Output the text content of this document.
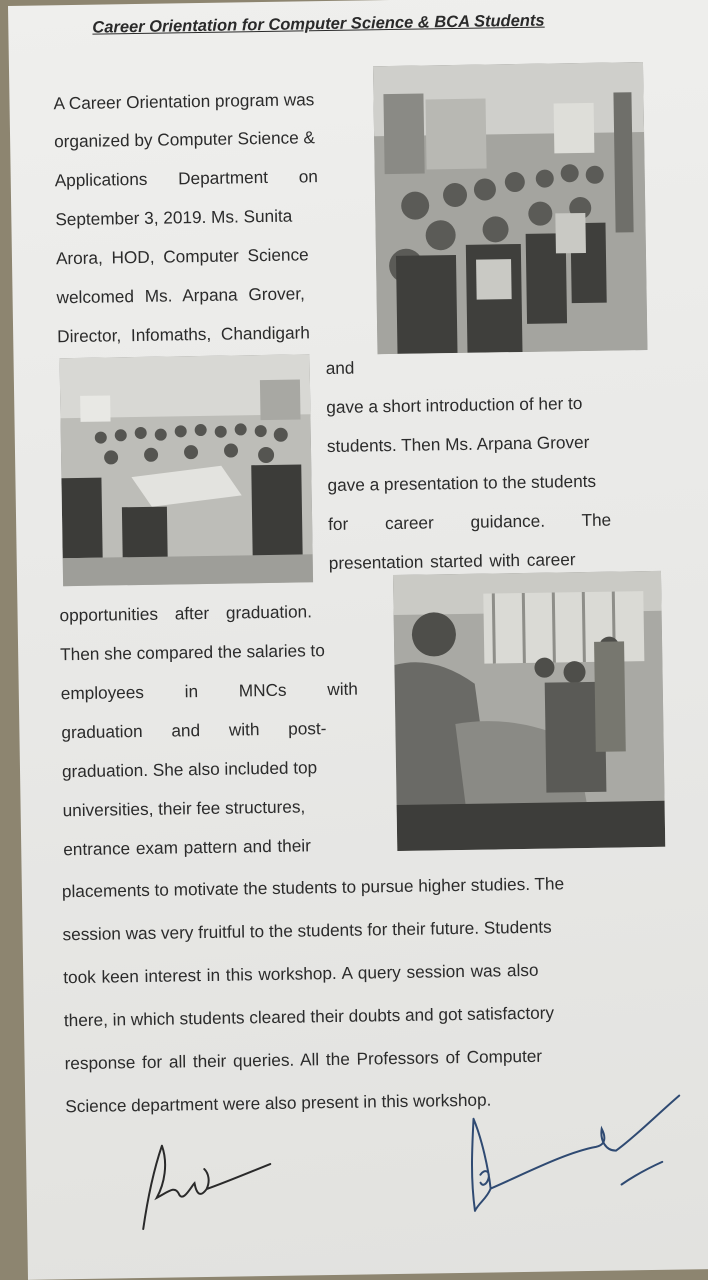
Career Orientation for Computer Science & BCA Students
A Career Orientation program was
organized by Computer Science &
Applications Department on
September 3, 2019. Ms. Sunita
Arora, HOD, Computer Science
welcomed Ms. Arpana Grover,
Director, Infomaths, Chandigarh
and
gave a short introduction of her to
students. Then Ms. Arpana Grover
gave a presentation to the students
for career guidance. The
presentation started with career
opportunities after graduation.
Then she compared the salaries to
employees in MNCs with
graduation and with post-
graduation. She also included top
universities, their fee structures,
entrance exam pattern and their
placements to motivate the students to pursue higher studies. The
session was very fruitful to the students for their future. Students
took keen interest in this workshop. A query session was also
there, in which students cleared their doubts and got satisfactory
response for all their queries. All the Professors of Computer
Science department were also present in this workshop.
